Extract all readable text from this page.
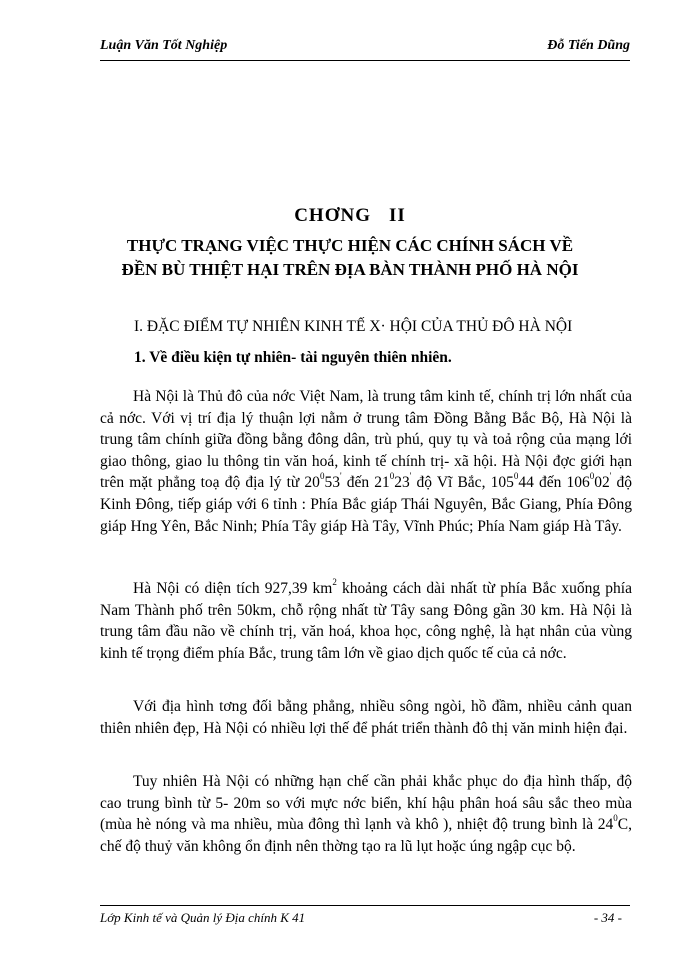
Luận Văn Tốt Nghiệp	Đỗ Tiến Dũng
CHƠNG II
THỰC TRẠNG VIỆC THỰC HIỆN CÁC CHÍNH SÁCH VỀ
ĐỀN BÙ THIỆT HẠI TRÊN ĐỊA BÀN THÀNH PHỐ HÀ NỘI
I. ĐẶC ĐIỂM TỰ NHIÊN KINH TẾ X· HỘI CỦA THỦ ĐÔ HÀ NỘI
1. Về điều kiện tự nhiên- tài nguyên thiên nhiên.

Hà Nội là Thủ đô của nớc Việt Nam, là trung tâm kinh tế, chính trị lớn nhất của cả nớc. Với vị trí địa lý thuận lợi nằm ở trung tâm Đồng Bằng Bắc Bộ, Hà Nội là trung tâm chính giữa đồng bằng đông dân, trù phú, quy tụ và toả rộng của mạng lới giao thông, giao lu thông tin văn hoá, kinh tế chính trị- xã hội. Hà Nội đợc giới hạn trên mặt phẳng toạ độ địa lý từ $20^053'$ đến $21^023'$ độ Vĩ Bắc, $105^044$ đến $106^002'$ độ Kinh Đông, tiếp giáp với 6 tỉnh : Phía Bắc giáp Thái Nguyên, Bắc Giang, Phía Đông giáp Hng Yên, Bắc Ninh; Phía Tây giáp Hà Tây, Vĩnh Phúc; Phía Nam giáp Hà Tây.

Hà Nội có diện tích 927,39 $km^2$ khoảng cách dài nhất từ phía Bắc xuống phía Nam Thành phố trên 50km, chỗ rộng nhất từ Tây sang Đông gần 30 km. Hà Nội là trung tâm đầu não về chính trị, văn hoá, khoa học, công nghệ, là hạt nhân của vùng kinh tế trọng điểm phía Bắc, trung tâm lớn về giao dịch quốc tế của cả nớc.

Với địa hình tơng đối bằng phẳng, nhiều sông ngòi, hồ đầm, nhiều cảnh quan thiên nhiên đẹp, Hà Nội có nhiều lợi thế để phát triển thành đô thị văn minh hiện đại.

Tuy nhiên Hà Nội có những hạn chế cần phải khắc phục do địa hình thấp, độ cao trung bình từ 5- 20m so với mực nớc biển, khí hậu phân hoá sâu sắc theo mùa (mùa hè nóng và ma nhiều, mùa đông thì lạnh và khô ), nhiệt độ trung bình là $24^0C$, chế độ thuỷ văn không ổn định nên thờng tạo ra lũ lụt hoặc úng ngập cục bộ.

Lớp Kinh tế và Quản lý Địa chính K 41	- 34 -
